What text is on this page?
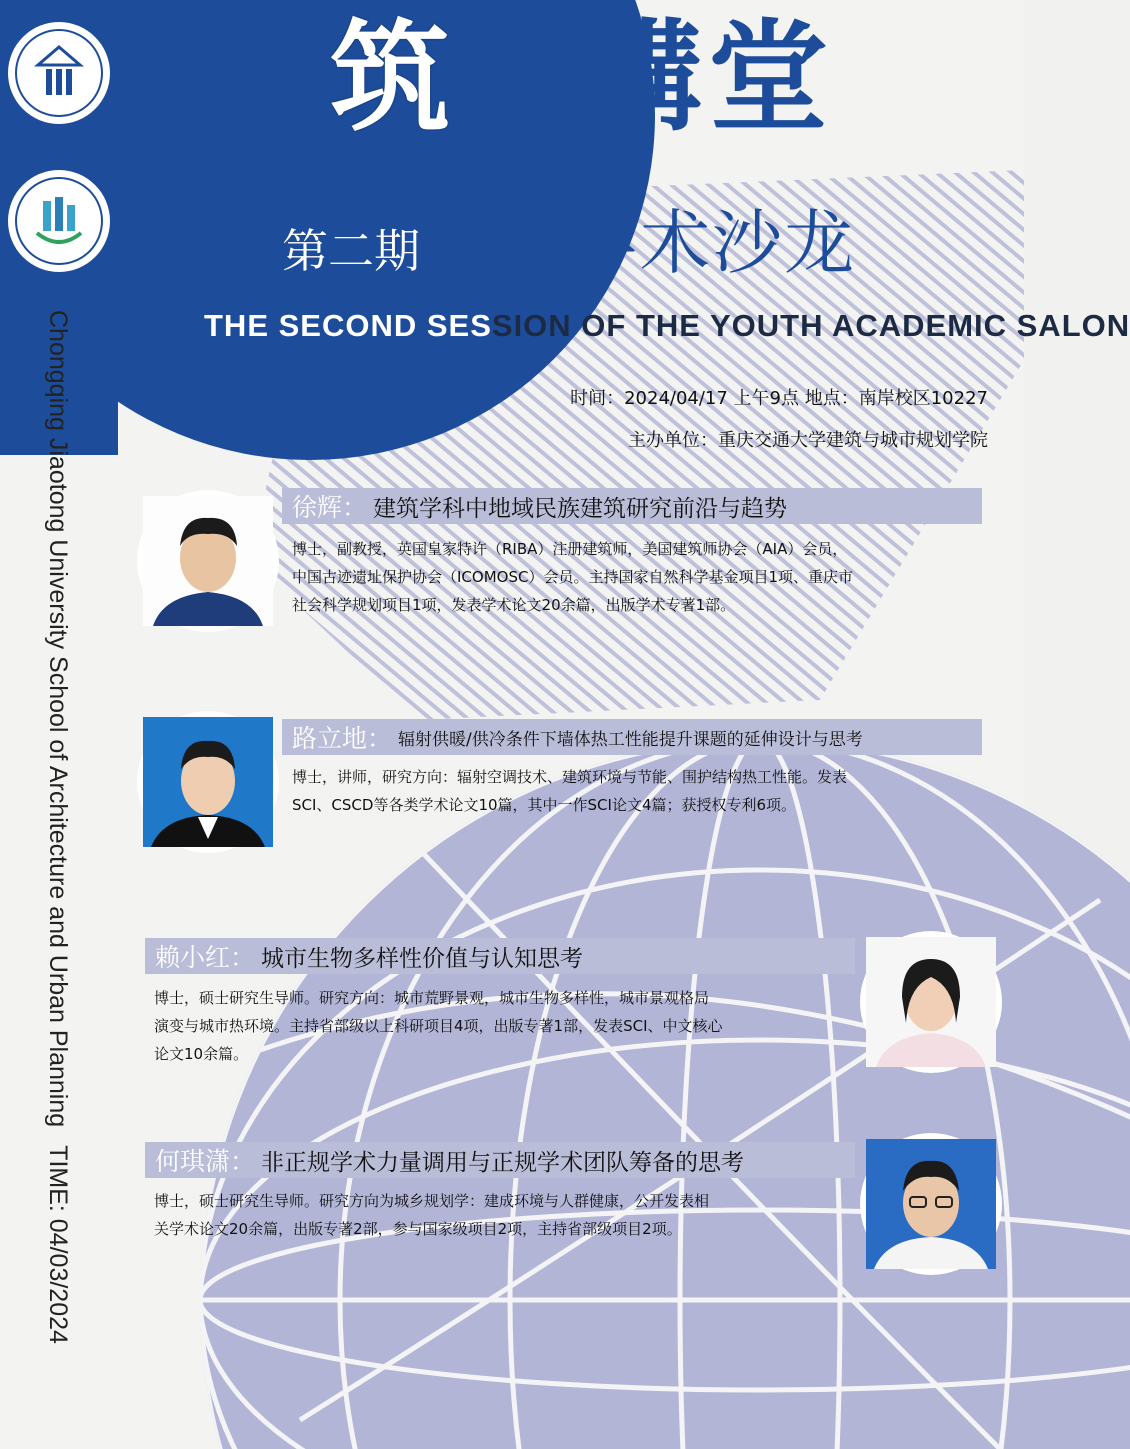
Chongqing Jiaotong University School of Architecture and Urban PlanningTIME: 04/03/2024
筑雅講堂
第二期青年学术沙龙
THE SECOND SESSION OF THE YOUTH ACADEMIC SALON
时间：2024/04/17 上午9点 地点：南岸校区10227
主办单位：重庆交通大学建筑与城市规划学院
徐辉 ： 建筑学科中地域民族建筑研究前沿与趋势
博士，副教授，英国皇家特许（RIBA）注册建筑师，美国建筑师协会（AIA）会员，
中国古迹遗址保护协会（ICOMOSC）会员。主持国家自然科学基金项目1项、重庆市
社会科学规划项目1项，发表学术论文20余篇，出版学术专著1部。
路立地 ： 辐射供暖/供冷条件下墙体热工性能提升课题的延伸设计与思考
博士，讲师，研究方向：辐射空调技术、建筑环境与节能、围护结构热工性能。发表
SCI、CSCD等各类学术论文10篇，其中一作SCI论文4篇；获授权专利6项。
赖小红 ： 城市生物多样性价值与认知思考
博士，硕士研究生导师。研究方向：城市荒野景观，城市生物多样性，城市景观格局
演变与城市热环境。主持省部级以上科研项目4项，出版专著1部，发表SCI、中文核心
论文10余篇。
何琪潇 ： 非正规学术力量调用与正规学术团队筹备的思考
博士，硕士研究生导师。研究方向为城乡规划学：建成环境与人群健康，公开发表相
关学术论文20余篇，出版专著2部，参与国家级项目2项，主持省部级项目2项。
